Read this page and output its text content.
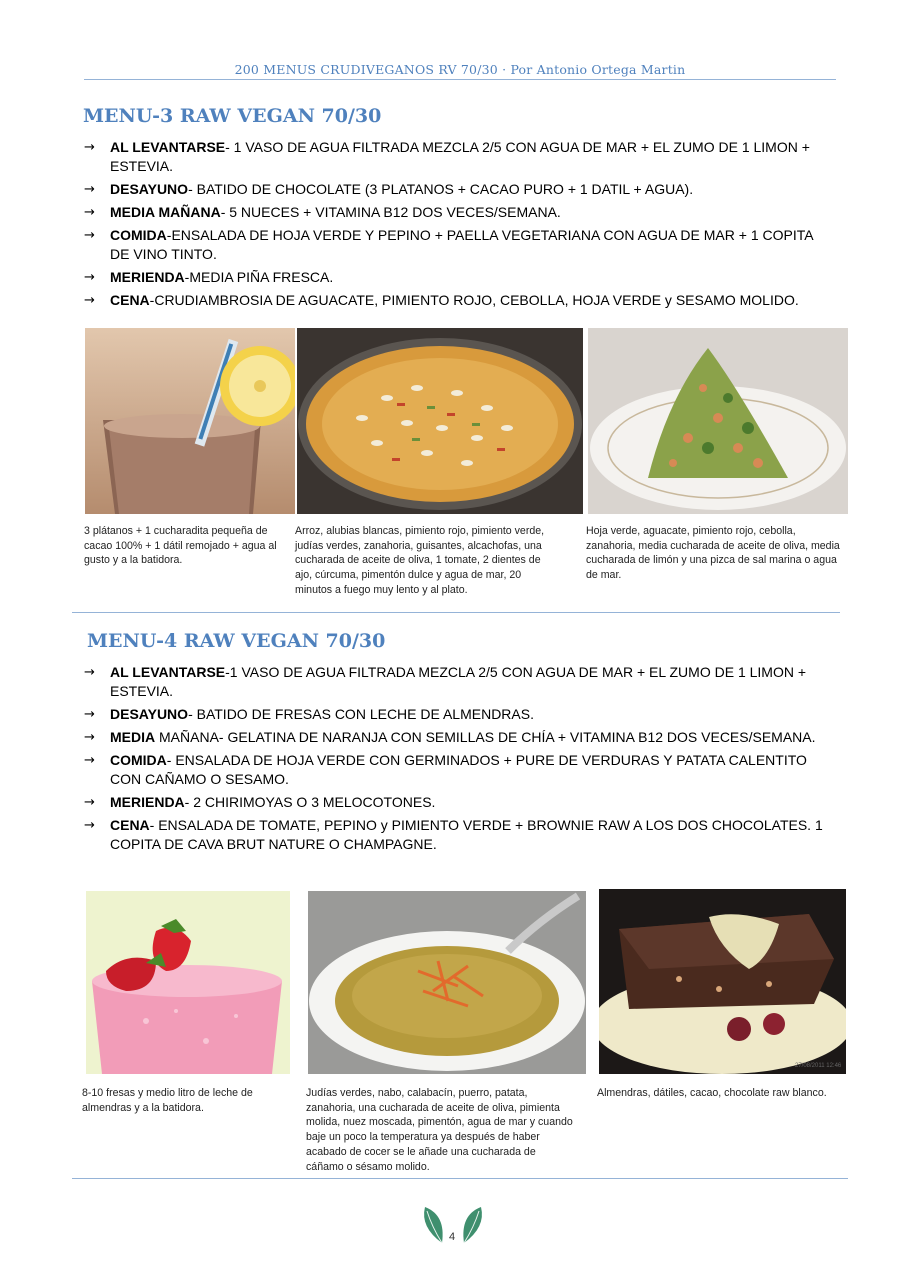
200 MENUS CRUDIVEGANOS RV 70/30 · Por Antonio Ortega Martin
MENU-3 RAW VEGAN 70/30
→ AL LEVANTARSE- 1 VASO DE AGUA FILTRADA MEZCLA 2/5 CON AGUA DE MAR + EL ZUMO DE 1 LIMON + ESTEVIA.
→ DESAYUNO- BATIDO DE CHOCOLATE (3 PLATANOS + CACAO PURO + 1 DATIL + AGUA).
→ MEDIA MAÑANA- 5 NUECES + VITAMINA B12 DOS VECES/SEMANA.
→ COMIDA-ENSALADA DE HOJA VERDE Y PEPINO + PAELLA VEGETARIANA CON AGUA DE MAR + 1 COPITA DE VINO TINTO.
→ MERIENDA-MEDIA PIÑA FRESCA.
→ CENA-CRUDIAMBROSIA DE AGUACATE, PIMIENTO ROJO, CEBOLLA, HOJA VERDE y SESAMO MOLIDO.
3 plátanos + 1 cucharadita pequeña de cacao 100% + 1 dátil remojado + agua al gusto y a la batidora.
Arroz, alubias blancas, pimiento rojo, pimiento verde, judías verdes, zanahoria, guisantes, alcachofas, una cucharada de aceite de oliva, 1 tomate, 2 dientes de ajo, cúrcuma, pimentón dulce y agua de mar, 20 minutos a fuego muy lento y al plato.
Hoja verde, aguacate, pimiento rojo, cebolla, zanahoria, media cucharada de aceite de oliva, media cucharada de limón y una pizca de sal marina o agua de mar.
MENU-4 RAW VEGAN 70/30
→ AL LEVANTARSE-1 VASO DE AGUA FILTRADA MEZCLA 2/5 CON AGUA DE MAR + EL ZUMO DE 1 LIMON + ESTEVIA.
→ DESAYUNO- BATIDO DE FRESAS CON LECHE DE ALMENDRAS.
→ MEDIA MAÑANA- GELATINA DE NARANJA CON SEMILLAS DE CHÍA + VITAMINA B12 DOS VECES/SEMANA.
→ COMIDA- ENSALADA DE HOJA VERDE CON GERMINADOS + PURE DE VERDURAS Y PATATA CALENTITO CON CAÑAMO O SESAMO.
→ MERIENDA- 2 CHIRIMOYAS O 3 MELOCOTONES.
→ CENA- ENSALADA DE TOMATE, PEPINO y PIMIENTO VERDE + BROWNIE RAW A LOS DOS CHOCOLATES. 1 COPITA DE CAVA BRUT NATURE O CHAMPAGNE.
27/08/2011 12:46
8-10 fresas y medio litro de leche de almendras y a la batidora.
Judías verdes, nabo, calabacín, puerro, patata, zanahoria, una cucharada de aceite de oliva, pimienta molida, nuez moscada, pimentón, agua de mar y cuando baje un poco la temperatura ya después de haber acabado de cocer se le añade una cucharada de cáñamo o sésamo molido.
Almendras, dátiles, cacao, chocolate raw blanco.
4
